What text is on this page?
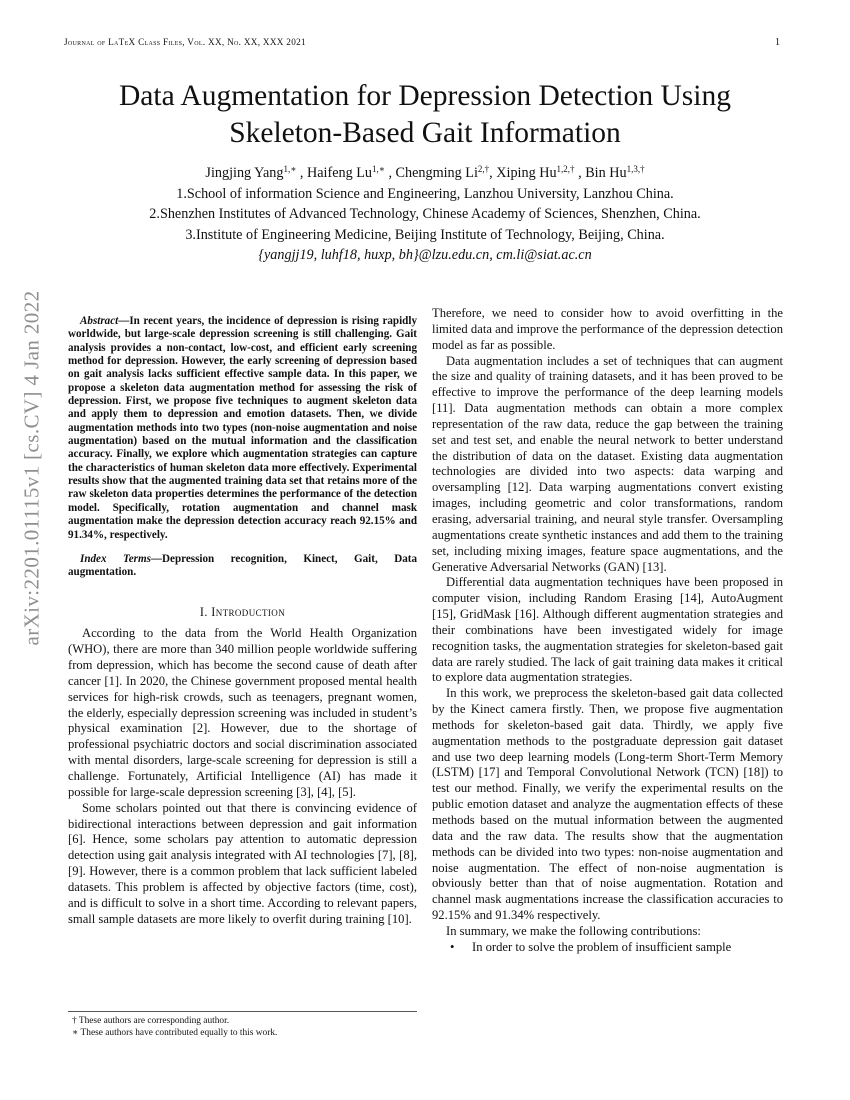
Journal of LaTeX Class Files, Vol. XX, No. XX, XXX 2021	1
Data Augmentation for Depression Detection Using
Skeleton-Based Gait Information
Jingjing Yang$^{1,∗}$ , Haifeng $Lu^{1,∗}$ , Chengming $Li^{2,\dagger}$, Xiping $Hu^{1,2,\dagger}$ , Bin $Hu^{1,3,\dagger}$
1.School of information Science and Engineering, Lanzhou University, Lanzhou China.
2.Shenzhen Institutes of Advanced Technology, Chinese Academy of Sciences, Shenzhen, China.
3.Institute of Engineering Medicine, Beijing Institute of Technology, Beijing, China.
{yangjj19, luhf18, huxp, bh}@lzu.edu.cn, cm.li@siat.ac.cn
arXiv:2201.01115v1 [cs.CV] 4 Jan 2022	Abstract—In recent years, the incidence of depression is rising rapidly worldwide, but large-scale depression screening is still challenging. Gait analysis provides a non-contact, low-cost, and efficient early screening method for depression. However, the early screening of depression based on gait analysis lacks sufficient effective sample data. In this paper, we propose a skeleton data augmentation method for assessing the risk of depression. First, we propose five techniques to augment skeleton data and apply them to depression and emotion datasets. Then, we divide augmentation methods into two types (non-noise augmentation and noise augmentation) based on the mutual information and the classification accuracy. Finally, we explore which augmentation strategies can capture the characteristics of human skeleton data more effectively. Experimental results show that the augmented training data set that retains more of the raw skeleton data properties determines the performance of the detection model. Specifically, rotation augmentation and channel mask augmentation make the depression detection accuracy reach 92.15% and 91.34%, respectively.

Index Terms—Depression recognition, Kinect, Gait, Data augmentation.

I. Introduction

According to the data from the World Health Organization (WHO), there are more than 340 million people worldwide suffering from depression, which has become the second cause of death after cancer [1]. In 2020, the Chinese government proposed mental health services for high-risk crowds, such as teenagers, pregnant women, the elderly, especially depression screening was included in student’s physical examination [2]. However, due to the shortage of professional psychiatric doctors and social discrimination associated with mental disorders, large-scale screening for depression is still a challenge. Fortunately, Artificial Intelligence (AI) has made it possible for large-scale depression screening [3], [4], [5].

Some scholars pointed out that there is convincing evidence of bidirectional interactions between depression and gait information [6]. Hence, some scholars pay attention to automatic depression detection using gait analysis integrated with AI technologies [7], [8], [9]. However, there is a common problem that lack sufficient labeled datasets. This problem is affected by objective factors (time, cost), and is difficult to solve in a short time. According to relevant papers, small sample datasets are more likely to overfit during training [10].

† These authors are corresponding author.
∗ These authors have contributed equally to this work.

Therefore, we need to consider how to avoid overfitting in the limited data and improve the performance of the depression detection model as far as possible.

Data augmentation includes a set of techniques that can augment the size and quality of training datasets, and it has been proved to be effective to improve the performance of the deep learning models [11]. Data augmentation methods can obtain a more complex representation of the raw data, reduce the gap between the training set and test set, and enable the neural network to better understand the distribution of data on the dataset. Existing data augmentation technologies are divided into two aspects: data warping and oversampling [12]. Data warping augmentations convert existing images, including geometric and color transformations, random erasing, adversarial training, and neural style transfer. Oversampling augmentations create synthetic instances and add them to the training set, including mixing images, feature space augmentations, and the Generative Adversarial Networks (GAN) [13].

Differential data augmentation techniques have been proposed in computer vision, including Random Erasing [14], AutoAugment [15], GridMask [16]. Although different augmentation strategies and their combinations have been investigated widely for image recognition tasks, the augmentation strategies for skeleton-based gait data are rarely studied. The lack of gait training data makes it critical to explore data augmentation strategies.

In this work, we preprocess the skeleton-based gait data collected by the Kinect camera firstly. Then, we propose five augmentation methods for skeleton-based gait data. Thirdly, we apply five augmentation methods to the postgraduate depression gait dataset and use two deep learning models (Long-term Short-Term Memory (LSTM) [17] and Temporal Convolutional Network (TCN) [18]) to test our method. Finally, we verify the experimental results on the public emotion dataset and analyze the augmentation effects of these methods based on the mutual information between the augmented data and the raw data. The results show that the augmentation methods can be divided into two types: non-noise augmentation and noise augmentation. The effect of non-noise augmentation is obviously better than that of noise augmentation. Rotation and channel mask augmentations increase the classification accuracies to 92.15% and 91.34% respectively.

In summary, we make the following contributions:

• In order to solve the problem of insufficient sample
